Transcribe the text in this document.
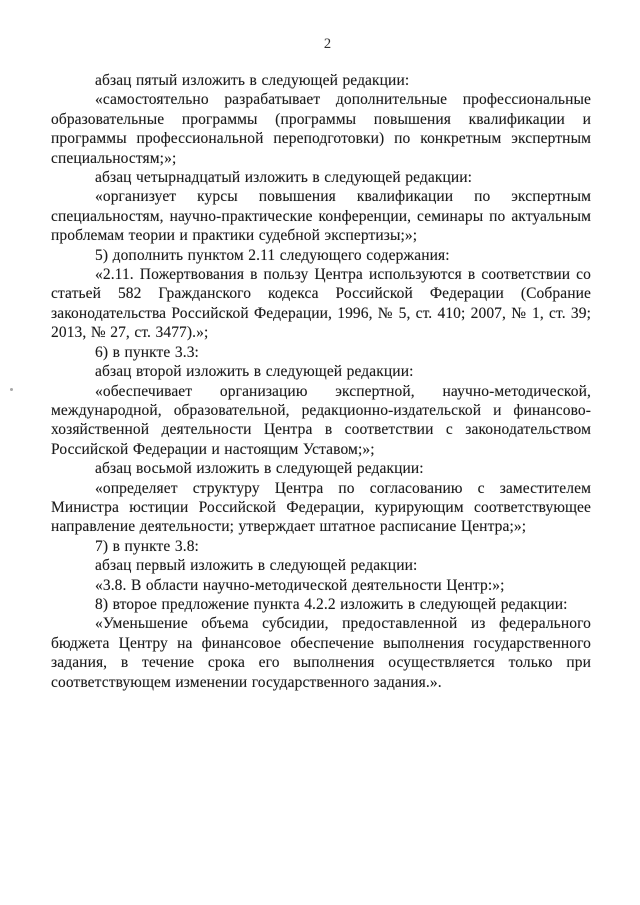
2

абзац пятый изложить в следующей редакции:

«самостоятельно разрабатывает дополнительные профессиональные образовательные программы (программы повышения квалификации и программы профессиональной переподготовки) по конкретным экспертным специальностям;»;

абзац четырнадцатый изложить в следующей редакции:

«организует курсы повышения квалификации по экспертным специальностям, научно-практические конференции, семинары по актуальным проблемам теории и практики судебной экспертизы;»;

5) дополнить пунктом 2.11 следующего содержания:

«2.11. Пожертвования в пользу Центра используются в соответствии со статьей 582 Гражданского кодекса Российской Федерации (Собрание законодательства Российской Федерации, 1996, № 5, ст. 410; 2007, № 1, ст. 39; 2013, № 27, ст. 3477).»;

6) в пункте 3.3:

абзац второй изложить в следующей редакции:

«обеспечивает организацию экспертной, научно-методической, международной, образовательной, редакционно-издательской и финансово-хозяйственной деятельности Центра в соответствии с законодательством Российской Федерации и настоящим Уставом;»;

абзац восьмой изложить в следующей редакции:

«определяет структуру Центра по согласованию с заместителем Министра юстиции Российской Федерации, курирующим соответствующее направление деятельности; утверждает штатное расписание Центра;»;

7) в пункте 3.8:

абзац первый изложить в следующей редакции:

«3.8. В области научно-методической деятельности Центр:»;

8) второе предложение пункта 4.2.2 изложить в следующей редакции:

«Уменьшение объема субсидии, предоставленной из федерального бюджета Центру на финансовое обеспечение выполнения государственного задания, в течение срока его выполнения осуществляется только при соответствующем изменении государственного задания.».
